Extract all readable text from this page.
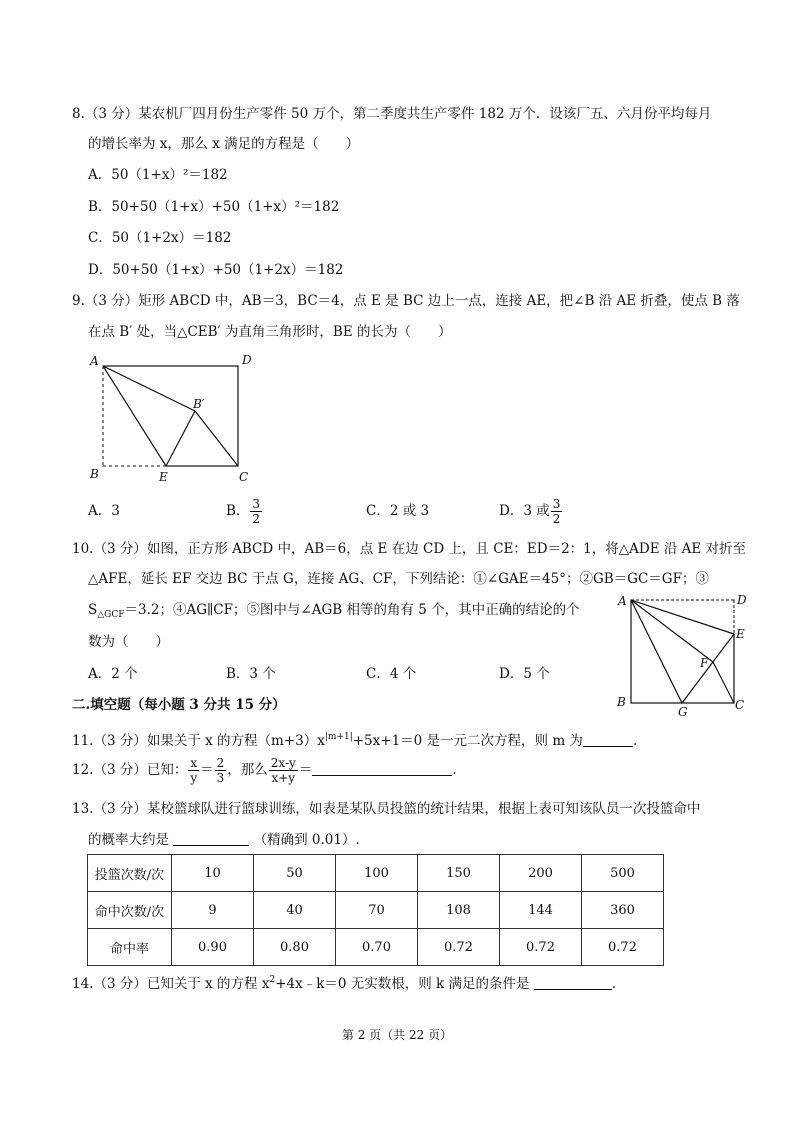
8.（3 分）某农机厂四月份生产零件 50 万个，第二季度共生产零件 182 万个．设该厂五、六月份平均每月
的增长率为 x，那么 x 满足的方程是（　　）
A．50（1+x）²＝182
B．50+50（1+x）+50（1+x）²＝182
C．50（1+2x）＝182
D．50+50（1+x）+50（1+2x）＝182
9.（3 分）矩形 ABCD 中，AB＝3，BC＝4，点 E 是 BC 边上一点，连接 AE，把∠B 沿 AE 折叠，使点 B 落
在点 B′ 处，当△CEB′ 为直角三角形时，BE 的长为（　　）
A	D
B′
B	E	C
A．3	B． $\frac{3}{2}$	C．2 或 3	D．3 或 $\frac{3}{2}$
10.（3 分）如图，正方形 ABCD 中，AB＝6，点 E 在边 CD 上，且 CE：ED＝2：1，将△ADE 沿 AE 对折至
△AFE，延长 EF 交边 BC 于点 G，连接 AG、CF，下列结论：①∠GAE＝45°；②GB＝GC＝GF；③
$S_{\triangle GCF}=3.2$；④AG∥CF；⑤图中与∠AGB 相等的角有 5 个，其中正确的结论的个
数为（　　）
A．2 个	B．3 个	C．4 个	D．5 个
A	D
E
F
B
G	C
二.填空题（每小题 3 分共 15 分）
11.（3 分）如果关于 x 的方程$(m+3)x^{|m+1|}+5x+1=0$ 是一元二次方程，则 m 为	.
12.（3 分）已知： $\frac{x}{y} = \frac{2}{3}$ ，那么 $\frac{2x-y}{x+y}$ ＝	.
13.（3 分）某校篮球队进行篮球训练，如表是某队员投篮的统计结果，根据上表可知该队员一次投篮命中
的概率大约是	（精确到 0.01）.
投篮次数/次	10	50	100	150	200	500
命中次数/次	9	40	70	108	144	360
命中率	0.90	0.80	0.70	0.72	0.72	0.72
14.（3 分）已知关于 x 的方程 $x^2+4x﹣k=0$ 无实数根，则 k 满足的条件是	.
第 2 页（共 22 页）
